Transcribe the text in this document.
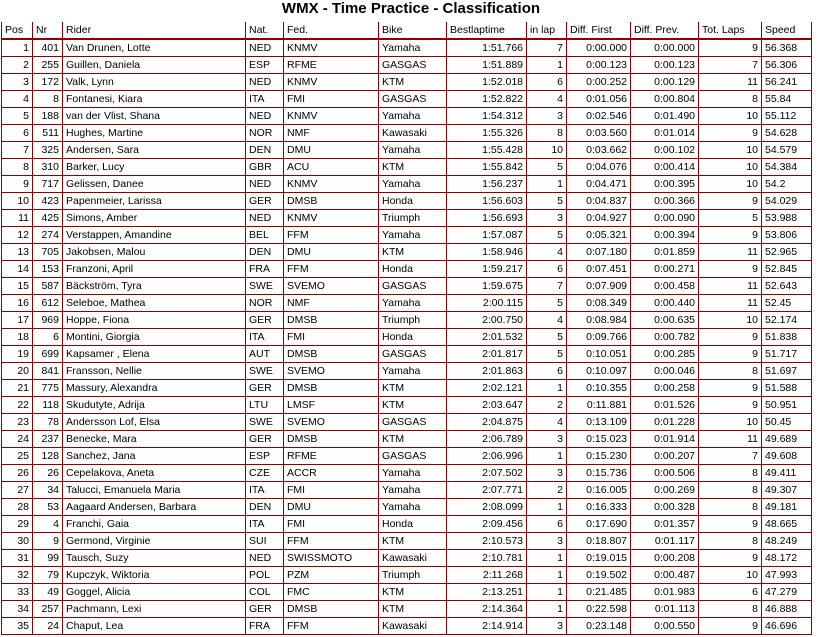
WMX - Time Practice - Classification
Pos	Nr	Rider	Nat.	Fed.	Bike	Bestlaptime	in lap	Diff. First	Diff. Prev.	Tot. Laps	Speed
1	401	Van Drunen, Lotte	NED	KNMV	Yamaha	1:51.766	7	0:00.000	0:00.000	9	56.368
2	255	Guillen, Daniela	ESP	RFME	GASGAS	1:51.889	1	0:00.123	0:00.123	7	56.306
3	172	Valk, Lynn	NED	KNMV	KTM	1:52.018	6	0:00.252	0:00.129	11	56.241
4	8	Fontanesi, Kiara	ITA	FMI	GASGAS	1:52.822	4	0:01.056	0:00.804	8	55.84
5	188	van der Vlist, Shana	NED	KNMV	Yamaha	1:54.312	3	0:02.546	0:01.490	10	55.112
6	511	Hughes, Martine	NOR	NMF	Kawasaki	1:55.326	8	0:03.560	0:01.014	9	54.628
7	325	Andersen, Sara	DEN	DMU	Yamaha	1:55.428	10	0:03.662	0:00.102	10	54.579
8	310	Barker, Lucy	GBR	ACU	KTM	1:55.842	5	0:04.076	0:00.414	10	54.384
9	717	Gelissen, Danee	NED	KNMV	Yamaha	1:56.237	1	0:04.471	0:00.395	10	54.2
10	423	Papenmeier, Larissa	GER	DMSB	Honda	1:56.603	5	0:04.837	0:00.366	9	54.029
11	425	Simons, Amber	NED	KNMV	Triumph	1:56.693	3	0:04.927	0:00.090	5	53.988
12	274	Verstappen, Amandine	BEL	FFM	Yamaha	1:57.087	5	0:05.321	0:00.394	9	53.806
13	705	Jakobsen, Malou	DEN	DMU	KTM	1:58.946	4	0:07.180	0:01.859	11	52.965
14	153	Franzoni, April	FRA	FFM	Honda	1:59.217	6	0:07.451	0:00.271	9	52.845
15	587	Bäckström, Tyra	SWE	SVEMO	GASGAS	1:59.675	7	0:07.909	0:00.458	11	52.643
16	612	Seleboe, Mathea	NOR	NMF	Yamaha	2:00.115	5	0:08.349	0:00.440	11	52.45
17	969	Hoppe, Fiona	GER	DMSB	Triumph	2:00.750	4	0:08.984	0:00.635	10	52.174
18	6	Montini, Giorgia	ITA	FMI	Honda	2:01.532	5	0:09.766	0:00.782	9	51.838
19	699	Kapsamer , Elena	AUT	DMSB	GASGAS	2:01.817	5	0:10.051	0:00.285	9	51.717
20	841	Fransson, Nellie	SWE	SVEMO	Yamaha	2:01.863	6	0:10.097	0:00.046	8	51.697
21	775	Massury, Alexandra	GER	DMSB	KTM	2:02.121	1	0:10.355	0:00.258	9	51.588
22	118	Skudutyte, Adrija	LTU	LMSF	KTM	2:03.647	2	0:11.881	0:01.526	9	50.951
23	78	Andersson Lof, Elsa	SWE	SVEMO	GASGAS	2:04.875	4	0:13.109	0:01.228	10	50.45
24	237	Benecke, Mara	GER	DMSB	KTM	2:06.789	3	0:15.023	0:01.914	11	49.689
25	128	Sanchez, Jana	ESP	RFME	GASGAS	2:06.996	1	0:15.230	0:00.207	7	49.608
26	26	Cepelakova, Aneta	CZE	ACCR	Yamaha	2:07.502	3	0:15.736	0:00.506	8	49.411
27	34	Talucci, Emanuela Maria	ITA	FMI	Yamaha	2:07.771	2	0:16.005	0:00.269	8	49.307
28	53	Aagaard Andersen, Barbara	DEN	DMU	Yamaha	2:08.099	1	0:16.333	0:00.328	8	49.181
29	4	Franchi, Gaia	ITA	FMI	Honda	2:09.456	6	0:17.690	0:01.357	9	48.665
30	9	Germond, Virginie	SUI	FFM	KTM	2:10.573	3	0:18.807	0:01.117	8	48.249
31	99	Tausch, Suzy	NED	SWISSMOTO	Kawasaki	2:10.781	1	0:19.015	0:00.208	9	48.172
32	79	Kupczyk, Wiktoria	POL	PZM	Triumph	2:11.268	1	0:19.502	0:00.487	10	47.993
33	49	Goggel, Alicia	COL	FMC	KTM	2:13.251	1	0:21.485	0:01.983	6	47.279
34	257	Pachmann, Lexi	GER	DMSB	KTM	2:14.364	1	0:22.598	0:01.113	8	46.888
35	24	Chaput, Lea	FRA	FFM	Kawasaki	2:14.914	3	0:23.148	0:00.550	9	46.696
